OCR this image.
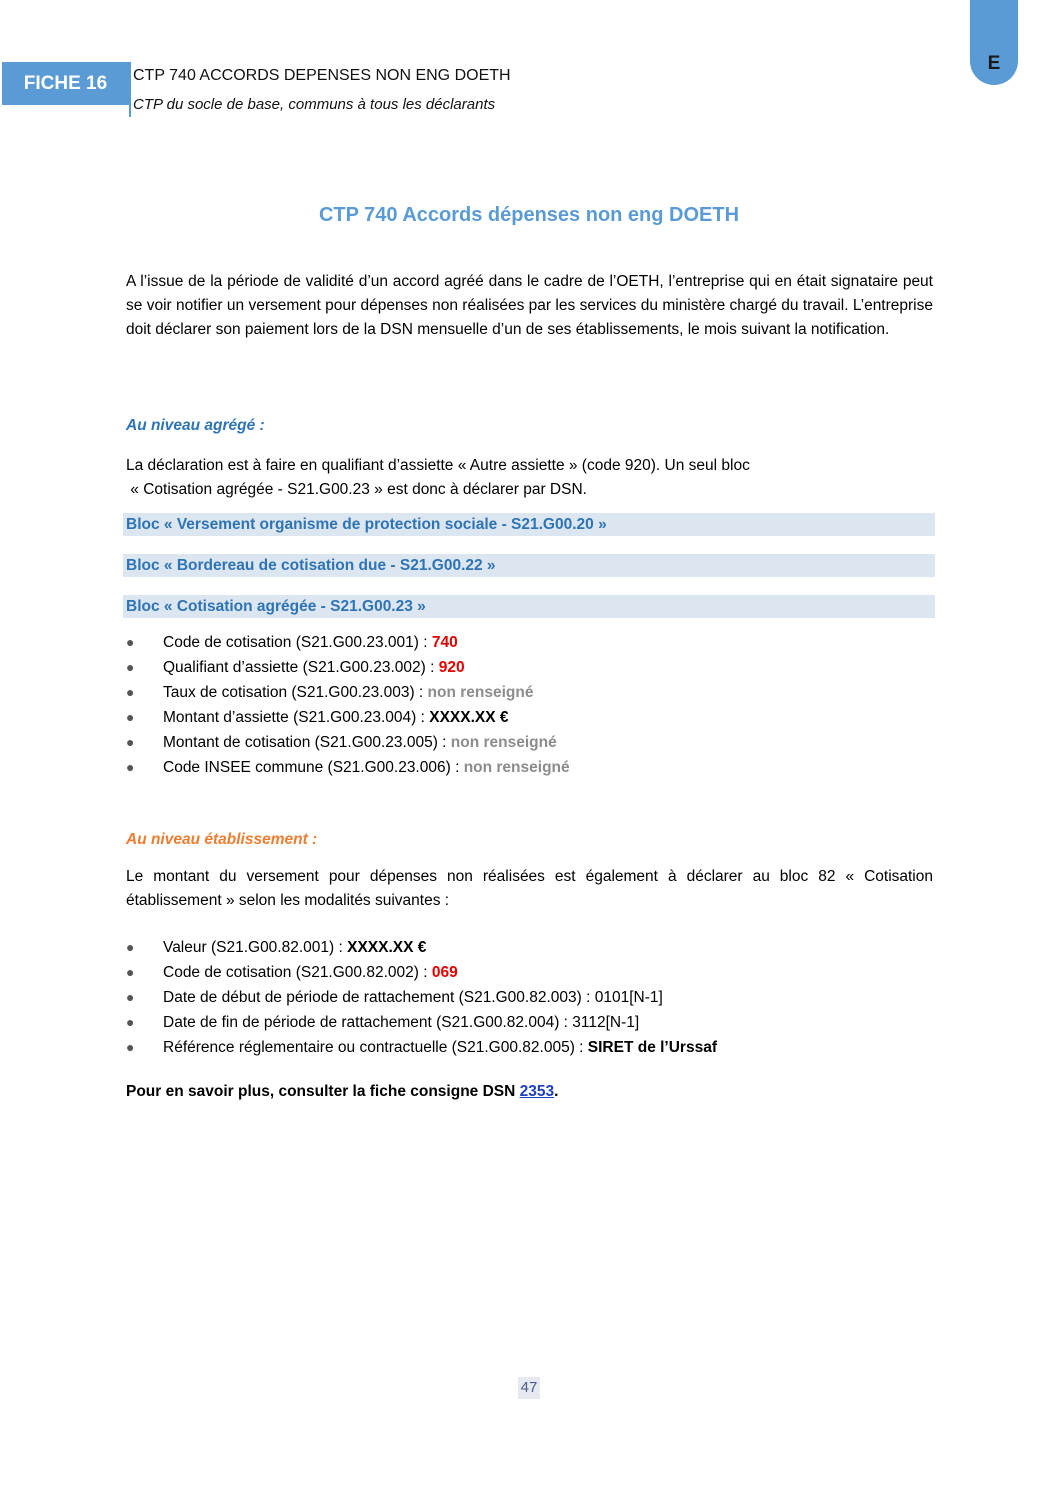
E
FICHE 16	CTP 740 ACCORDS DEPENSES NON ENG DOETH
CTP du socle de base, communs à tous les déclarants
CTP 740 Accords dépenses non eng DOETH
A l’issue de la période de validité d’un accord agréé dans le cadre de l’OETH, l’entreprise qui en était signataire peut se voir notifier un versement pour dépenses non réalisées par les services du ministère chargé du travail. L’entreprise doit déclarer son paiement lors de la DSN mensuelle d’un de ses établissements, le mois suivant la notification.
Au niveau agrégé :
La déclaration est à faire en qualifiant d’assiette « Autre assiette » (code 920). Un seul bloc
« Cotisation agrégée - S21.G00.23 » est donc à déclarer par DSN.
Bloc « Versement organisme de protection sociale - S21.G00.20 »
Bloc « Bordereau de cotisation due - S21.G00.22 »
Bloc « Cotisation agrégée - S21.G00.23 »
● Code de cotisation (S21.G00.23.001) : 740
● Qualifiant d’assiette (S21.G00.23.002) : 920
● Taux de cotisation (S21.G00.23.003) : non renseigné
● Montant d’assiette (S21.G00.23.004) : XXXX.XX €
● Montant de cotisation (S21.G00.23.005) : non renseigné
● Code INSEE commune (S21.G00.23.006) : non renseigné
Au niveau établissement :
Le montant du versement pour dépenses non réalisées est également à déclarer au bloc 82 « Cotisation établissement » selon les modalités suivantes :
● Valeur (S21.G00.82.001) : XXXX.XX €
● Code de cotisation (S21.G00.82.002) : 069
● Date de début de période de rattachement (S21.G00.82.003) : 0101[N-1]
● Date de fin de période de rattachement (S21.G00.82.004) : 3112[N-1]
● Référence réglementaire ou contractuelle (S21.G00.82.005) : SIRET de l’Urssaf
Pour en savoir plus, consulter la fiche consigne DSN 2353.
47
